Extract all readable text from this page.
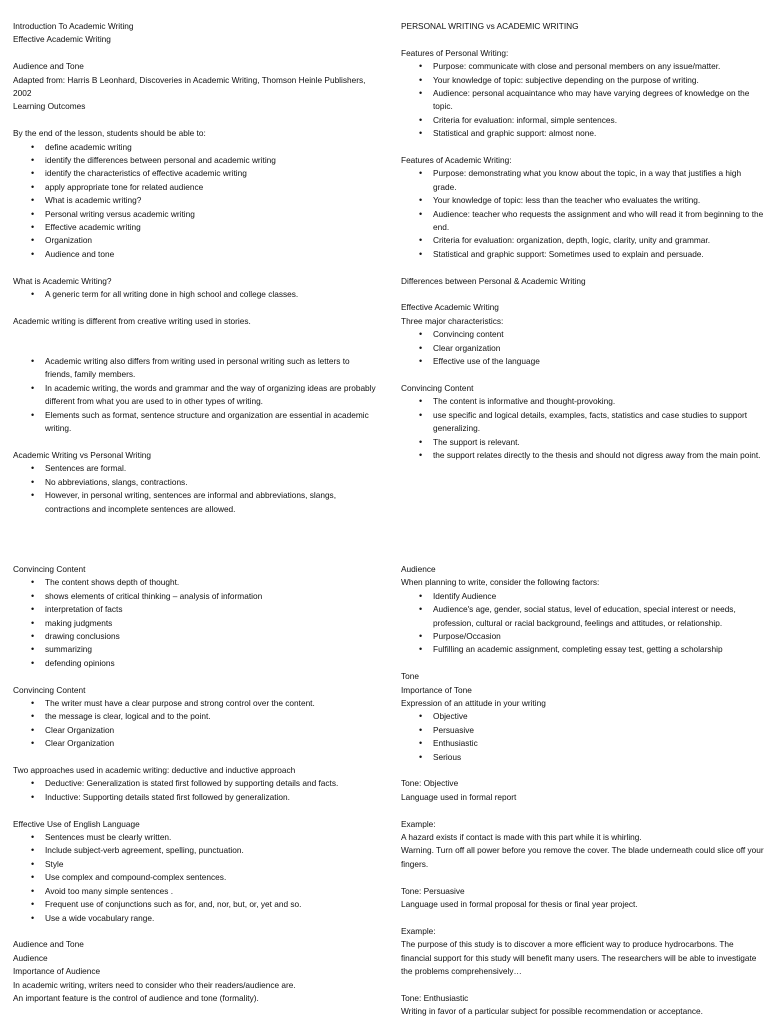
Introduction To Academic Writing
Effective Academic Writing
Audience and Tone
Adapted from: Harris B Leonhard, Discoveries in Academic Writing, Thomson Heinle Publishers, 2002
Learning Outcomes
By the end of the lesson, students should be able to:
• define academic writing
• identify the differences between personal and academic writing
• identify the characteristics of effective academic writing
• apply appropriate tone for related audience
• What is academic writing?
• Personal writing versus academic writing
• Effective academic writing
• Organization
• Audience and tone
What is Academic Writing?
• A generic term for all writing done in high school and college classes.
Academic writing is different from creative writing used in stories.
• Academic writing also differs from writing used in personal writing such as letters to friends, family members.
• In academic writing, the words and grammar and the way of organizing ideas are probably different from what you are used to in other types of writing.
• Elements such as format, sentence structure and organization are essential in academic writing.
Academic Writing vs Personal Writing
• Sentences are formal.
• No abbreviations, slangs, contractions.
• However, in personal writing, sentences are informal and abbreviations, slangs, contractions and incomplete sentences are allowed.
PERSONAL WRITING vs ACADEMIC WRITING
Features of Personal Writing:
• Purpose: communicate with close and personal members on any issue/matter.
• Your knowledge of topic: subjective depending on the purpose of writing.
• Audience: personal acquaintance who may have varying degrees of knowledge on the topic.
• Criteria for evaluation: informal, simple sentences.
• Statistical and graphic support: almost none.
Features of Academic Writing:
• Purpose: demonstrating what you know about the topic, in a way that justifies a high grade.
• Your knowledge of topic: less than the teacher who evaluates the writing.
• Audience: teacher who requests the assignment and who will read it from beginning to the end.
• Criteria for evaluation: organization, depth, logic, clarity, unity and grammar.
• Statistical and graphic support: Sometimes used to explain and persuade.
Differences between Personal & Academic Writing
Effective Academic Writing
Three major characteristics:
• Convincing content
• Clear organization
• Effective use of the language
Convincing Content
• The content is informative and thought-provoking.
• use specific and logical details, examples, facts, statistics and case studies to support generalizing.
• The support is relevant.
• the support relates directly to the thesis and should not digress away from the main point.
Convincing Content
• The content shows depth of thought.
• shows elements of critical thinking – analysis of information
• interpretation of facts
• making judgments
• drawing conclusions
• summarizing
• defending opinions
Convincing Content
• The writer must have a clear purpose and strong control over the content.
• the message is clear, logical and to the point.
• Clear Organization
• Clear Organization
Two approaches used in academic writing: deductive and inductive approach
• Deductive: Generalization is stated first followed by supporting details and facts.
• Inductive: Supporting details stated first followed by generalization.
Effective Use of English Language
• Sentences must be clearly written.
• Include subject-verb agreement, spelling, punctuation.
• Style
• Use complex and compound-complex sentences.
• Avoid too many simple sentences .
• Frequent use of conjunctions such as for, and, nor, but, or, yet and so.
• Use a wide vocabulary range.
Audience and Tone
Audience
Importance of Audience
In academic writing, writers need to consider who their readers/audience are.
An important feature is the control of audience and tone (formality).
Audience
When planning to write, consider the following factors:
• Identify Audience
• Audience's age, gender, social status, level of education, special interest or needs, profession, cultural or racial background, feelings and attitudes, or relationship.
• Purpose/Occasion
• Fulfilling an academic assignment, completing essay test, getting a scholarship
Tone
Importance of Tone
Expression of an attitude in your writing
• Objective
• Persuasive
• Enthusiastic
• Serious
Tone: Objective
Language used in formal report
Example:
A hazard exists if contact is made with this part while it is whirling.
Warning. Turn off all power before you remove the cover. The blade underneath could slice off your fingers.
Tone: Persuasive
Language used in formal proposal for thesis or final year project.
Example:
The purpose of this study is to discover a more efficient way to produce hydrocarbons. The financial support for this study will benefit many users. The researchers will be able to investigate the problems comprehensively…
Tone: Enthusiastic
Writing in favor of a particular subject for possible recommendation or acceptance.
